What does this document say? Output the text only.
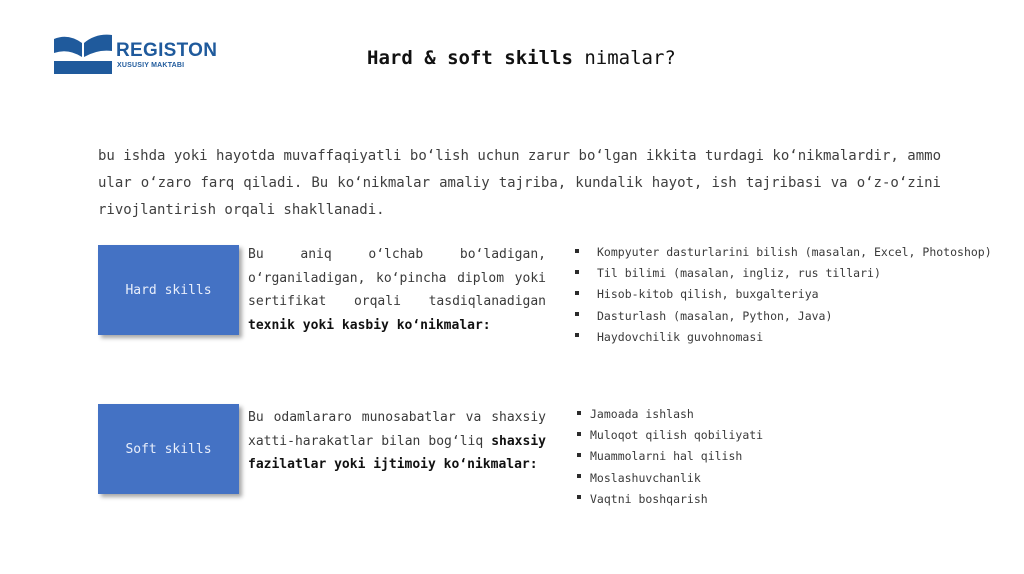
REGISTON
XUSUSIY MAKTABI	Hard & soft skills nimalar?
bu ishda yoki hayotda muvaffaqiyatli bo‘lish uchun zarur bo‘lgan ikkita turdagi ko‘nikmalardir, ammo ular o‘zaro farq qiladi. Bu ko‘nikmalar amaliy tajriba, kundalik hayot, ish tajribasi va o‘z-o‘zini rivojlantirish orqali shakllanadi.
Hard skills
Bu aniq o‘lchab bo‘ladigan, o‘rganiladigan, ko‘pincha diplom yoki sertifikat orqali tasdiqlanadigan texnik yoki kasbiy ko‘nikmalar:
Kompyuter dasturlarini bilish (masalan, Excel, Photoshop)
Til bilimi (masalan, ingliz, rus tillari)
Hisob-kitob qilish, buxgalteriya
Dasturlash (masalan, Python, Java)
Haydovchilik guvohnomasi
Soft skills
Bu odamlararo munosabatlar va shaxsiy xatti-harakatlar bilan bog‘liq shaxsiy fazilatlar yoki ijtimoiy ko‘nikmalar:
Jamoada ishlash
Muloqot qilish qobiliyati
Muammolarni hal qilish
Moslashuvchanlik
Vaqtni boshqarish
